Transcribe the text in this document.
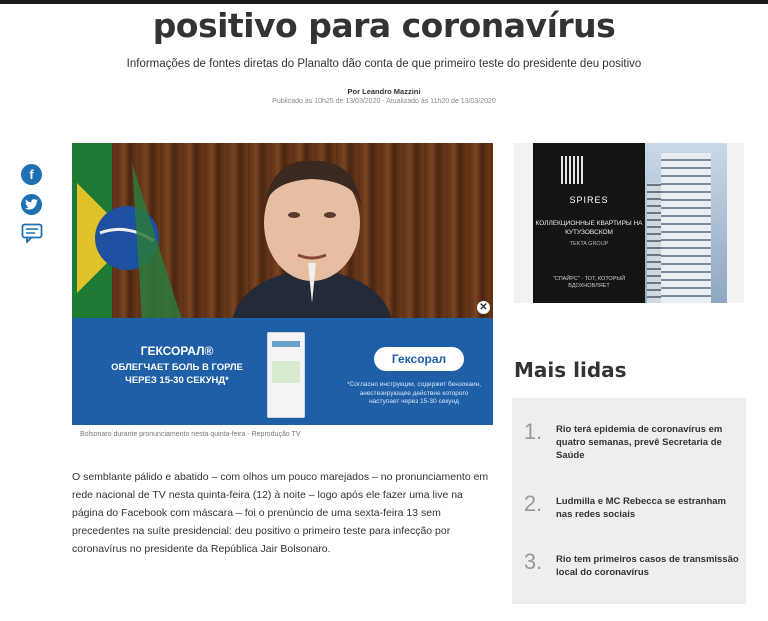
positivo para coronavírus
Informações de fontes diretas do Planalto dão conta de que primeiro teste do presidente deu positivo
Por Leandro Mazzini
Publicado às 10h25 de 13/03/2020 - Atualizado às 11h20 de 13/03/2020
f
ГЕКСОРАЛ®
ОБЛЕГЧАЕТ БОЛЬ В ГОРЛЕ ЧЕРЕЗ 15-30 СЕКУНД*
Гексорал
*Согласно инструкции, содержит бензокаин, анестезирующее действие которого наступает через 15-30 секунд
✕
Bolsonaro durante pronunciamento nesta quinta-feira - Reprodução TV

O semblante pálido e abatido – com olhos um pouco marejados – no pronunciamento em rede nacional de TV nesta quinta-feira (12) à noite – logo após ele fazer uma live na página do Facebook com máscara – foi o prenúncio de uma sexta-feira 13 sem precedentes na suíte presidencial: deu positivo o primeiro teste para infecção por coronavírus no presidente da República Jair Bolsonaro.

SPIRES
КОЛЛЕКЦИОННЫЕ КВАРТИРЫ НА КУТУЗОВСКОМ
TEKTA GROUP
"СПАЙРС" - ТОТ, КОТОРЫЙ ВДОХНОВЛЯЕТ
Mais lidas
1. Rio terá epidemia de coronavírus em quatro semanas, prevê Secretaria de Saúde
2. Ludmilla e MC Rebecca se estranham nas redes sociais
3. Rio tem primeiros casos de transmissão local do coronavírus
